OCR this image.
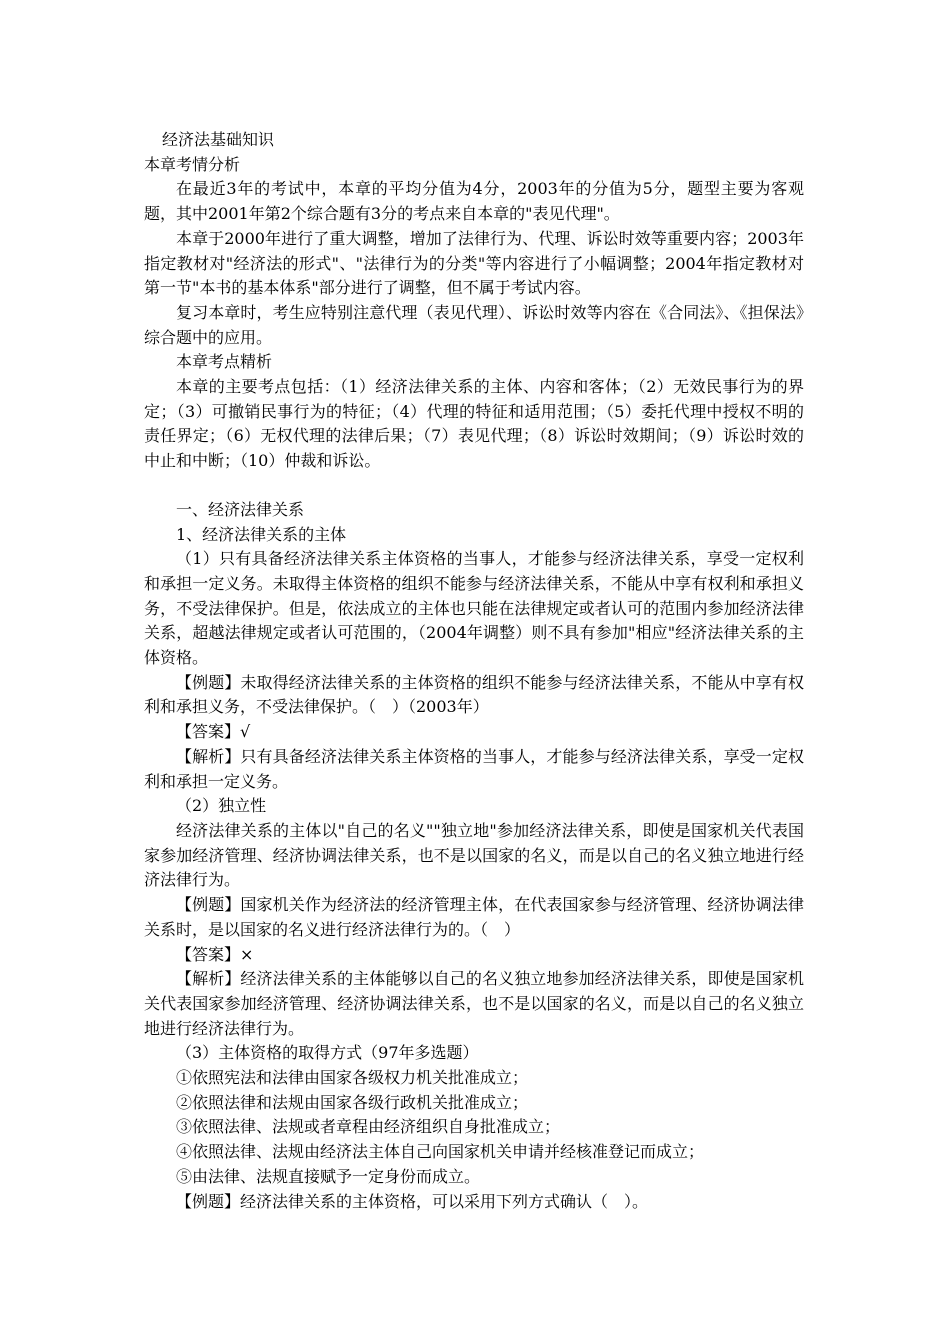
经济法基础知识

本章考情分析

在最近3年的考试中，本章的平均分值为4分，2003年的分值为5分，题型主要为客观题，其中2001年第2个综合题有3分的考点来自本章的"表见代理"。

本章于2000年进行了重大调整，增加了法律行为、代理、诉讼时效等重要内容；2003年指定教材对"经济法的形式"、"法律行为的分类"等内容进行了小幅调整；2004年指定教材对第一节"本书的基本体系"部分进行了调整，但不属于考试内容。

复习本章时，考生应特别注意代理（表见代理）、诉讼时效等内容在《合同法》、《担保法》综合题中的应用。

本章考点精析

本章的主要考点包括：（1）经济法律关系的主体、内容和客体；（2）无效民事行为的界定；（3）可撤销民事行为的特征；（4）代理的特征和适用范围；（5）委托代理中授权不明的责任界定；（6）无权代理的法律后果；（7）表见代理；（8）诉讼时效期间；（9）诉讼时效的中止和中断；（10）仲裁和诉讼。

一、经济法律关系

1、经济法律关系的主体

（1）只有具备经济法律关系主体资格的当事人，才能参与经济法律关系，享受一定权利和承担一定义务。未取得主体资格的组织不能参与经济法律关系，不能从中享有权利和承担义务，不受法律保护。但是，依法成立的主体也只能在法律规定或者认可的范围内参加经济法律关系，超越法律规定或者认可范围的，（2004年调整）则不具有参加"相应"经济法律关系的主体资格。

【例题】未取得经济法律关系的主体资格的组织不能参与经济法律关系，不能从中享有权利和承担义务，不受法律保护。（　）（2003年）

【答案】√

【解析】只有具备经济法律关系主体资格的当事人，才能参与经济法律关系，享受一定权利和承担一定义务。

（2）独立性

经济法律关系的主体以"自己的名义""独立地"参加经济法律关系，即使是国家机关代表国家参加经济管理、经济协调法律关系，也不是以国家的名义，而是以自己的名义独立地进行经济法律行为。

【例题】国家机关作为经济法的经济管理主体，在代表国家参与经济管理、经济协调法律关系时，是以国家的名义进行经济法律行为的。（　）

【答案】×

【解析】经济法律关系的主体能够以自己的名义独立地参加经济法律关系，即使是国家机关代表国家参加经济管理、经济协调法律关系，也不是以国家的名义，而是以自己的名义独立地进行经济法律行为。

（3）主体资格的取得方式（97年多选题）

①依照宪法和法律由国家各级权力机关批准成立；

②依照法律和法规由国家各级行政机关批准成立；

③依照法律、法规或者章程由经济组织自身批准成立；

④依照法律、法规由经济法主体自己向国家机关申请并经核准登记而成立；

⑤由法律、法规直接赋予一定身份而成立。

【例题】经济法律关系的主体资格，可以采用下列方式确认（　）。
